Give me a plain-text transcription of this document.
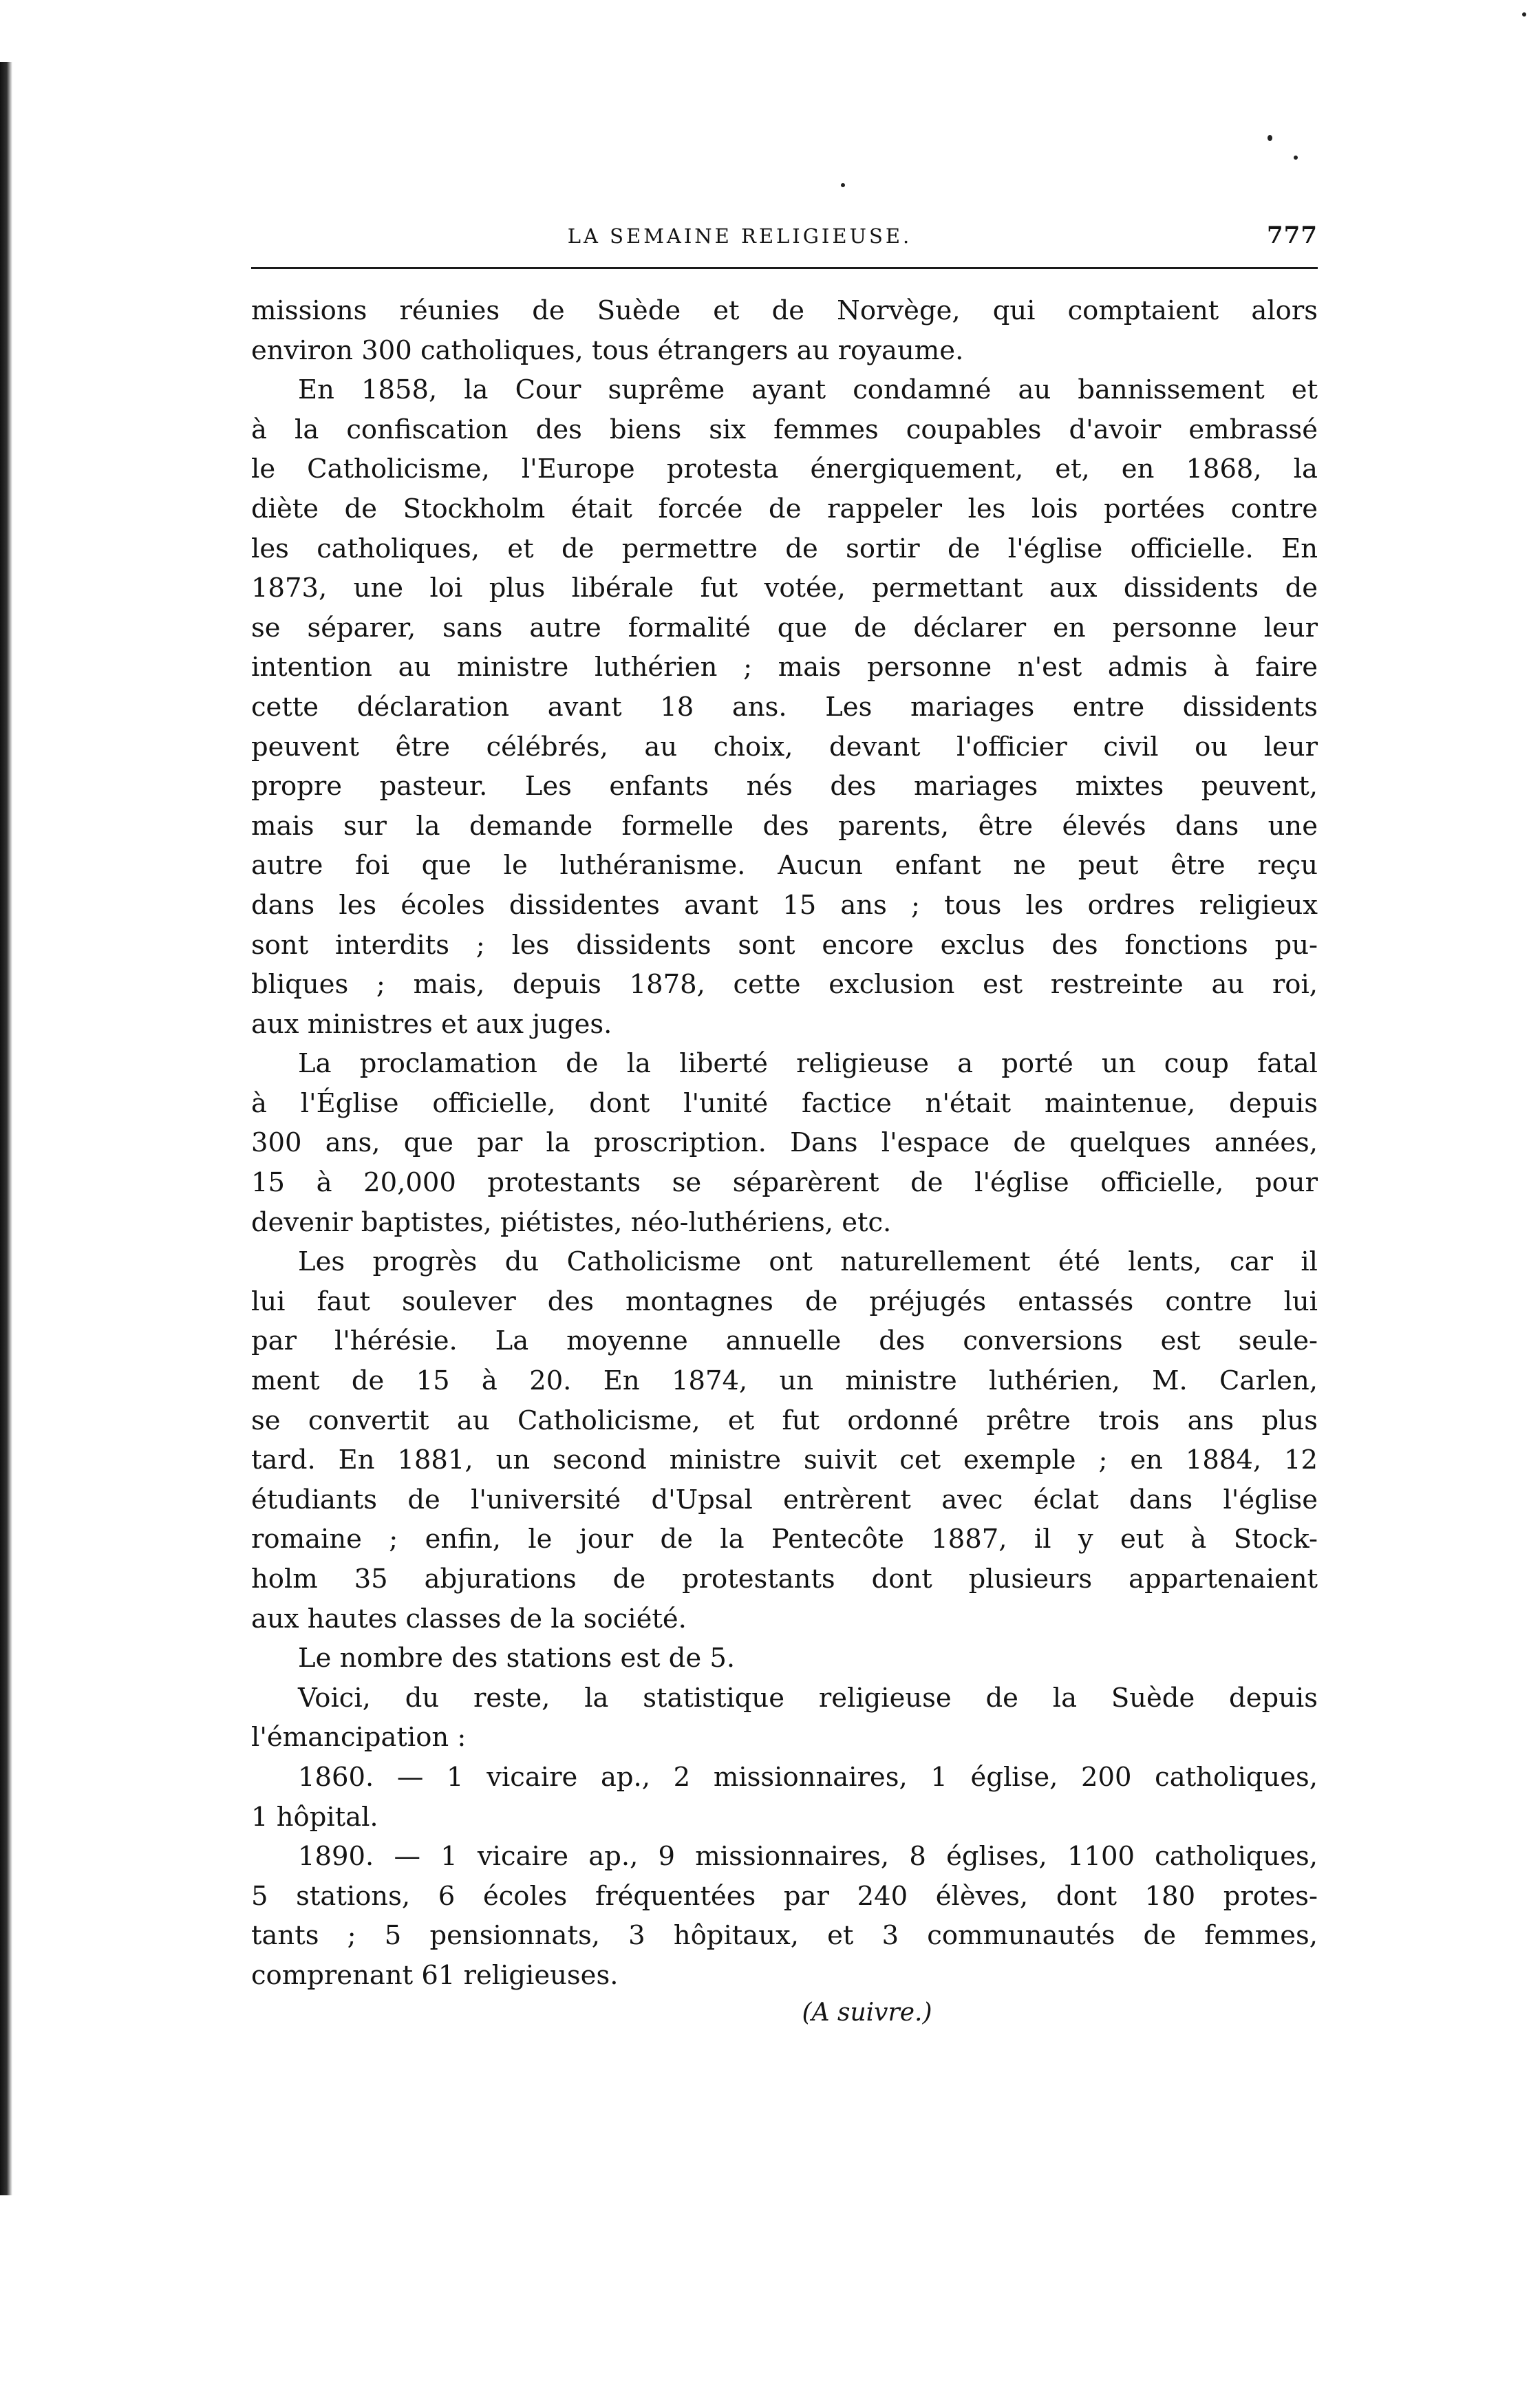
LA SEMAINE RELIGIEUSE.	777
missions réunies de Suède et de Norvège, qui comptaient alors
environ 300 catholiques, tous étrangers au royaume.
En 1858, la Cour suprême ayant condamné au bannissement et
à la confiscation des biens six femmes coupables d'avoir embrassé
le Catholicisme, l'Europe protesta énergiquement, et, en 1868, la
diète de Stockholm était forcée de rappeler les lois portées contre
les catholiques, et de permettre de sortir de l'église officielle. En
1873, une loi plus libérale fut votée, permettant aux dissidents de
se séparer, sans autre formalité que de déclarer en personne leur
intention au ministre luthérien ; mais personne n'est admis à faire
cette déclaration avant 18 ans. Les mariages entre dissidents
peuvent être célébrés, au choix, devant l'officier civil ou leur
propre pasteur. Les enfants nés des mariages mixtes peuvent,
mais sur la demande formelle des parents, être élevés dans une
autre foi que le luthéranisme. Aucun enfant ne peut être reçu
dans les écoles dissidentes avant 15 ans ; tous les ordres religieux
sont interdits ; les dissidents sont encore exclus des fonctions pu-
bliques ; mais, depuis 1878, cette exclusion est restreinte au roi,
aux ministres et aux juges.
La proclamation de la liberté religieuse a porté un coup fatal
à l'Église officielle, dont l'unité factice n'était maintenue, depuis
300 ans, que par la proscription. Dans l'espace de quelques années,
15 à 20,000 protestants se séparèrent de l'église officielle, pour
devenir baptistes, piétistes, néo-luthériens, etc.
Les progrès du Catholicisme ont naturellement été lents, car il
lui faut soulever des montagnes de préjugés entassés contre lui
par l'hérésie. La moyenne annuelle des conversions est seule-
ment de 15 à 20. En 1874, un ministre luthérien, M. Carlen,
se convertit au Catholicisme, et fut ordonné prêtre trois ans plus
tard. En 1881, un second ministre suivit cet exemple ; en 1884, 12
étudiants de l'université d'Upsal entrèrent avec éclat dans l'église
romaine ; enfin, le jour de la Pentecôte 1887, il y eut à Stock-
holm 35 abjurations de protestants dont plusieurs appartenaient
aux hautes classes de la société.
Le nombre des stations est de 5.
Voici, du reste, la statistique religieuse de la Suède depuis
l'émancipation :
1860. — 1 vicaire ap., 2 missionnaires, 1 église, 200 catholiques,
1 hôpital.
1890. — 1 vicaire ap., 9 missionnaires, 8 églises, 1100 catholiques,
5 stations, 6 écoles fréquentées par 240 élèves, dont 180 protes-
tants ; 5 pensionnats, 3 hôpitaux, et 3 communautés de femmes,
comprenant 61 religieuses.
(A suivre.)
